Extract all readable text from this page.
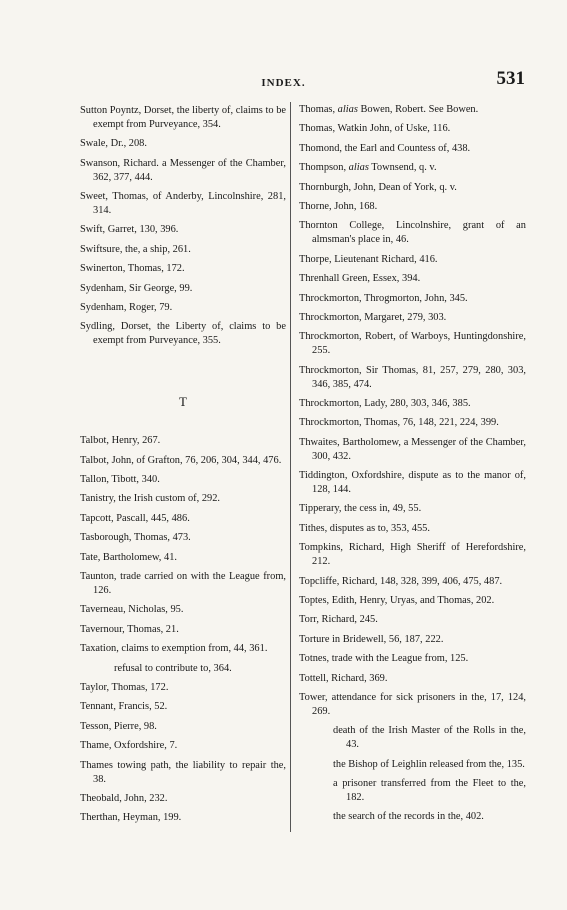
INDEX.	531
Sutton Poyntz, Dorset, the liberty of, claims to be exempt from Purveyance, 354.
Swale, Dr., 208.
Swanson, Richard. a Messenger of the Chamber, 362, 377, 444.
Sweet, Thomas, of Anderby, Lincolnshire, 281, 314.
Swift, Garret, 130, 396.
Swiftsure, the, a ship, 261.
Swinerton, Thomas, 172.
Sydenham, Sir George, 99.
Sydenham, Roger, 79.
Sydling, Dorset, the Liberty of, claims to be exempt from Purveyance, 355.
T
Talbot, Henry, 267.
Talbot, John, of Grafton, 76, 206, 304, 344, 476.
Tallon, Tibott, 340.
Tanistry, the Irish custom of, 292.
Tapcott, Pascall, 445, 486.
Tasborough, Thomas, 473.
Tate, Bartholomew, 41.
Taunton, trade carried on with the League from, 126.
Taverneau, Nicholas, 95.
Tavernour, Thomas, 21.
Taxation, claims to exemption from, 44, 361.
refusal to contribute to, 364.
Taylor, Thomas, 172.
Tennant, Francis, 52.
Tesson, Pierre, 98.
Thame, Oxfordshire, 7.
Thames towing path, the liability to repair the, 38.
Theobald, John, 232.
Therthan, Heyman, 199.
Thomas, alias Bowen, Robert. See Bowen.
Thomas, Watkin John, of Uske, 116.
Thomond, the Earl and Countess of, 438.
Thompson, alias Townsend, q. v.
Thornburgh, John, Dean of York, q. v.
Thorne, John, 168.
Thornton College, Lincolnshire, grant of an almsman's place in, 46.
Thorpe, Lieutenant Richard, 416.
Threnhall Green, Essex, 394.
Throckmorton, Throgmorton, John, 345.
Throckmorton, Margaret, 279, 303.
Throckmorton, Robert, of Warboys, Huntingdonshire, 255.
Throckmorton, Sir Thomas, 81, 257, 279, 280, 303, 346, 385, 474.
Throckmorton, Lady, 280, 303, 346, 385.
Throckmorton, Thomas, 76, 148, 221, 224, 399.
Thwaites, Bartholomew, a Messenger of the Chamber, 300, 432.
Tiddington, Oxfordshire, dispute as to the manor of, 128, 144.
Tipperary, the cess in, 49, 55.
Tithes, disputes as to, 353, 455.
Tompkins, Richard, High Sheriff of Herefordshire, 212.
Topcliffe, Richard, 148, 328, 399, 406, 475, 487.
Toptes, Edith, Henry, Uryas, and Thomas, 202.
Torr, Richard, 245.
Torture in Bridewell, 56, 187, 222.
Totnes, trade with the League from, 125.
Tottell, Richard, 369.
Tower, attendance for sick prisoners in the, 17, 124, 269.
death of the Irish Master of the Rolls in the, 43.
the Bishop of Leighlin released from the, 135.
a prisoner transferred from the Fleet to the, 182.
the search of the records in the, 402.
